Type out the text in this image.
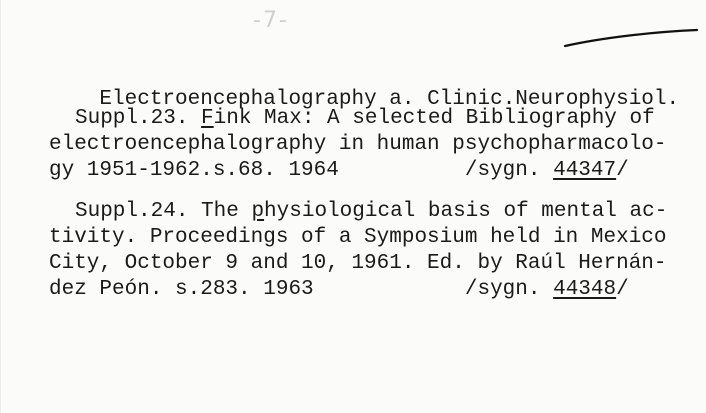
-7-

Electroencephalography a. Clinic.Neurophysiol.

Suppl.23. Fink Max: A selected Bibliography of
electroencephalography in human psychopharmacolo-
gy 1951-1962.s.68. 1964          /sygn. 44347/
Suppl.24. The physiological basis of mental ac-
tivity. Proceedings of a Symposium held in Mexico
City, October 9 and 10, 1961. Ed. by Raúl Hernán-
dez Peón. s.283. 1963            /sygn. 44348/
